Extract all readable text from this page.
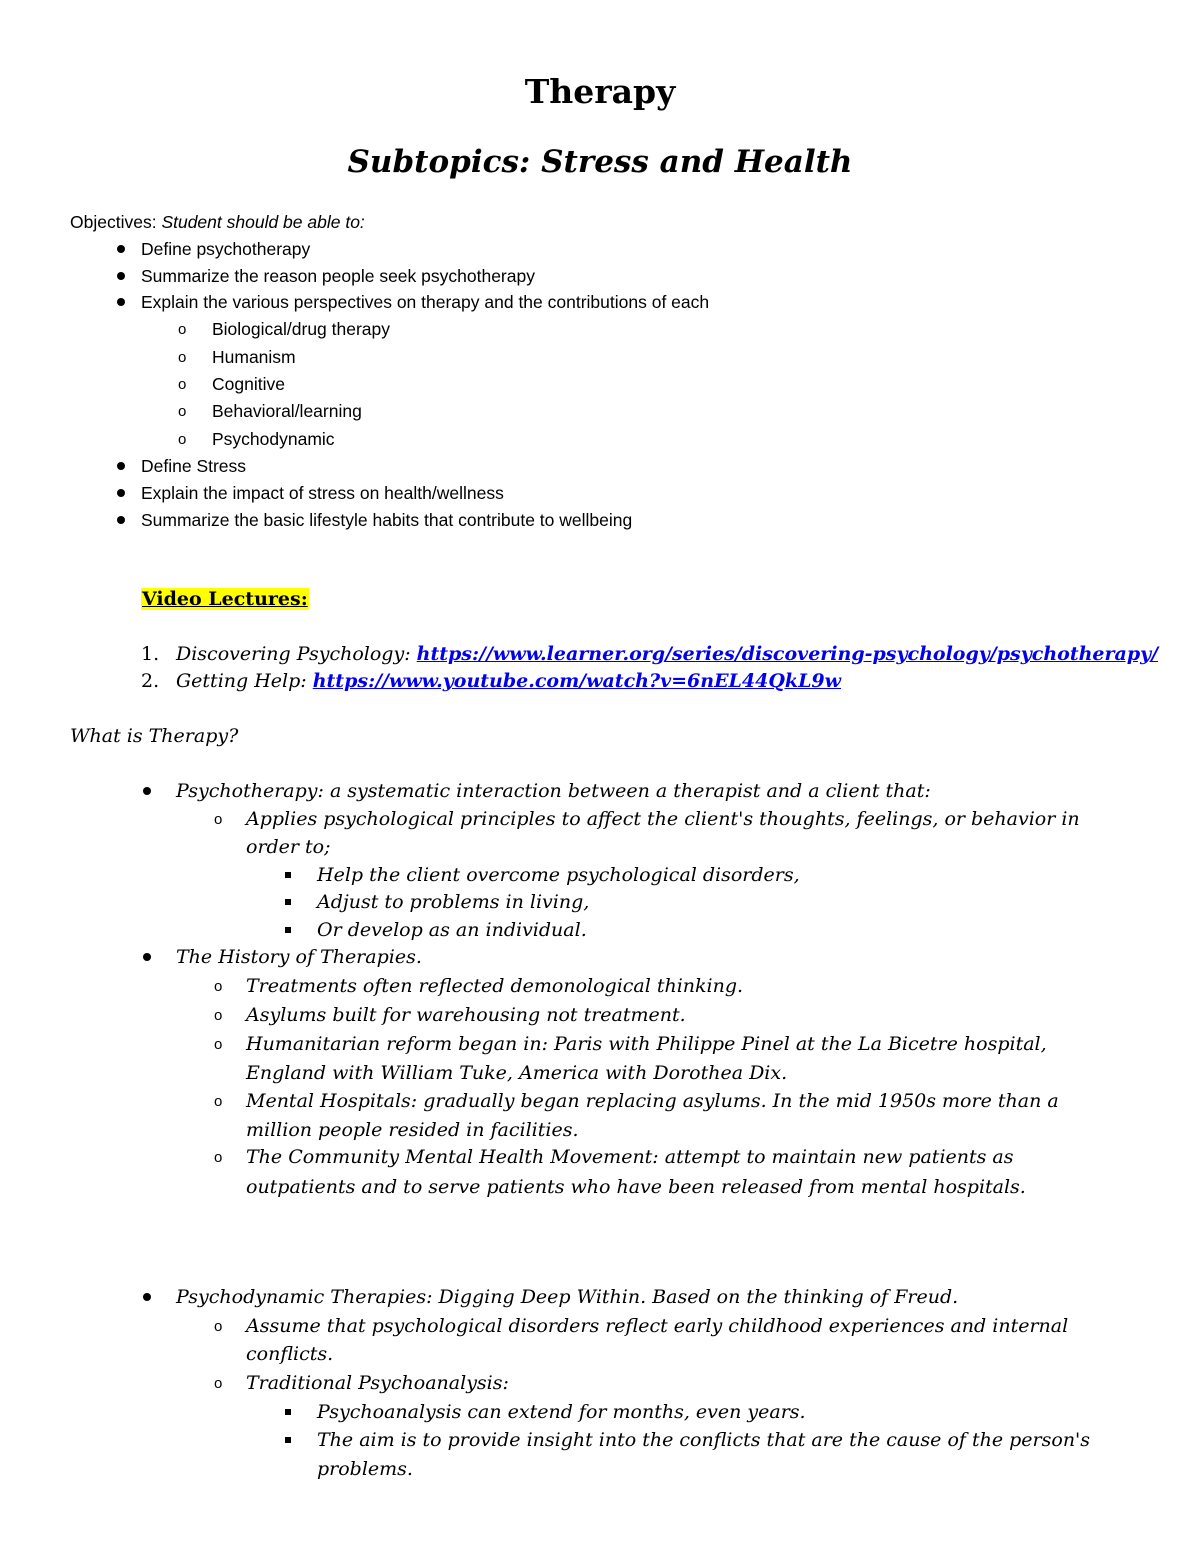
Therapy
Subtopics: Stress and Health
Objectives: Student should be able to:
Define psychotherapy
Summarize the reason people seek psychotherapy
Explain the various perspectives on therapy and the contributions of each
o Biological/drug therapy
o Humanism
o Cognitive
o Behavioral/learning
o Psychodynamic
Define Stress
Explain the impact of stress on health/wellness
Summarize the basic lifestyle habits that contribute to wellbeing
Video Lectures:
1. Discovering Psychology: https://www.learner.org/series/discovering-psychology/psychotherapy/
2. Getting Help: https://www.youtube.com/watch?v=6nEL44QkL9w
What is Therapy?
Psychotherapy: a systematic interaction between a therapist and a client that:
o Applies psychological principles to affect the client's thoughts, feelings, or behavior in
order to;
Help the client overcome psychological disorders,
Adjust to problems in living,
Or develop as an individual.
The History of Therapies.
o Treatments often reflected demonological thinking.
o Asylums built for warehousing not treatment.
o Humanitarian reform began in: Paris with Philippe Pinel at the La Bicetre hospital,
England with William Tuke, America with Dorothea Dix.
o Mental Hospitals: gradually began replacing asylums. In the mid 1950s more than a
million people resided in facilities.
o The Community Mental Health Movement: attempt to maintain new patients as
outpatients and to serve patients who have been released from mental hospitals.
Psychodynamic Therapies: Digging Deep Within. Based on the thinking of Freud.
o Assume that psychological disorders reflect early childhood experiences and internal
conflicts.
o Traditional Psychoanalysis:
Psychoanalysis can extend for months, even years.
The aim is to provide insight into the conflicts that are the cause of the person's
problems.
